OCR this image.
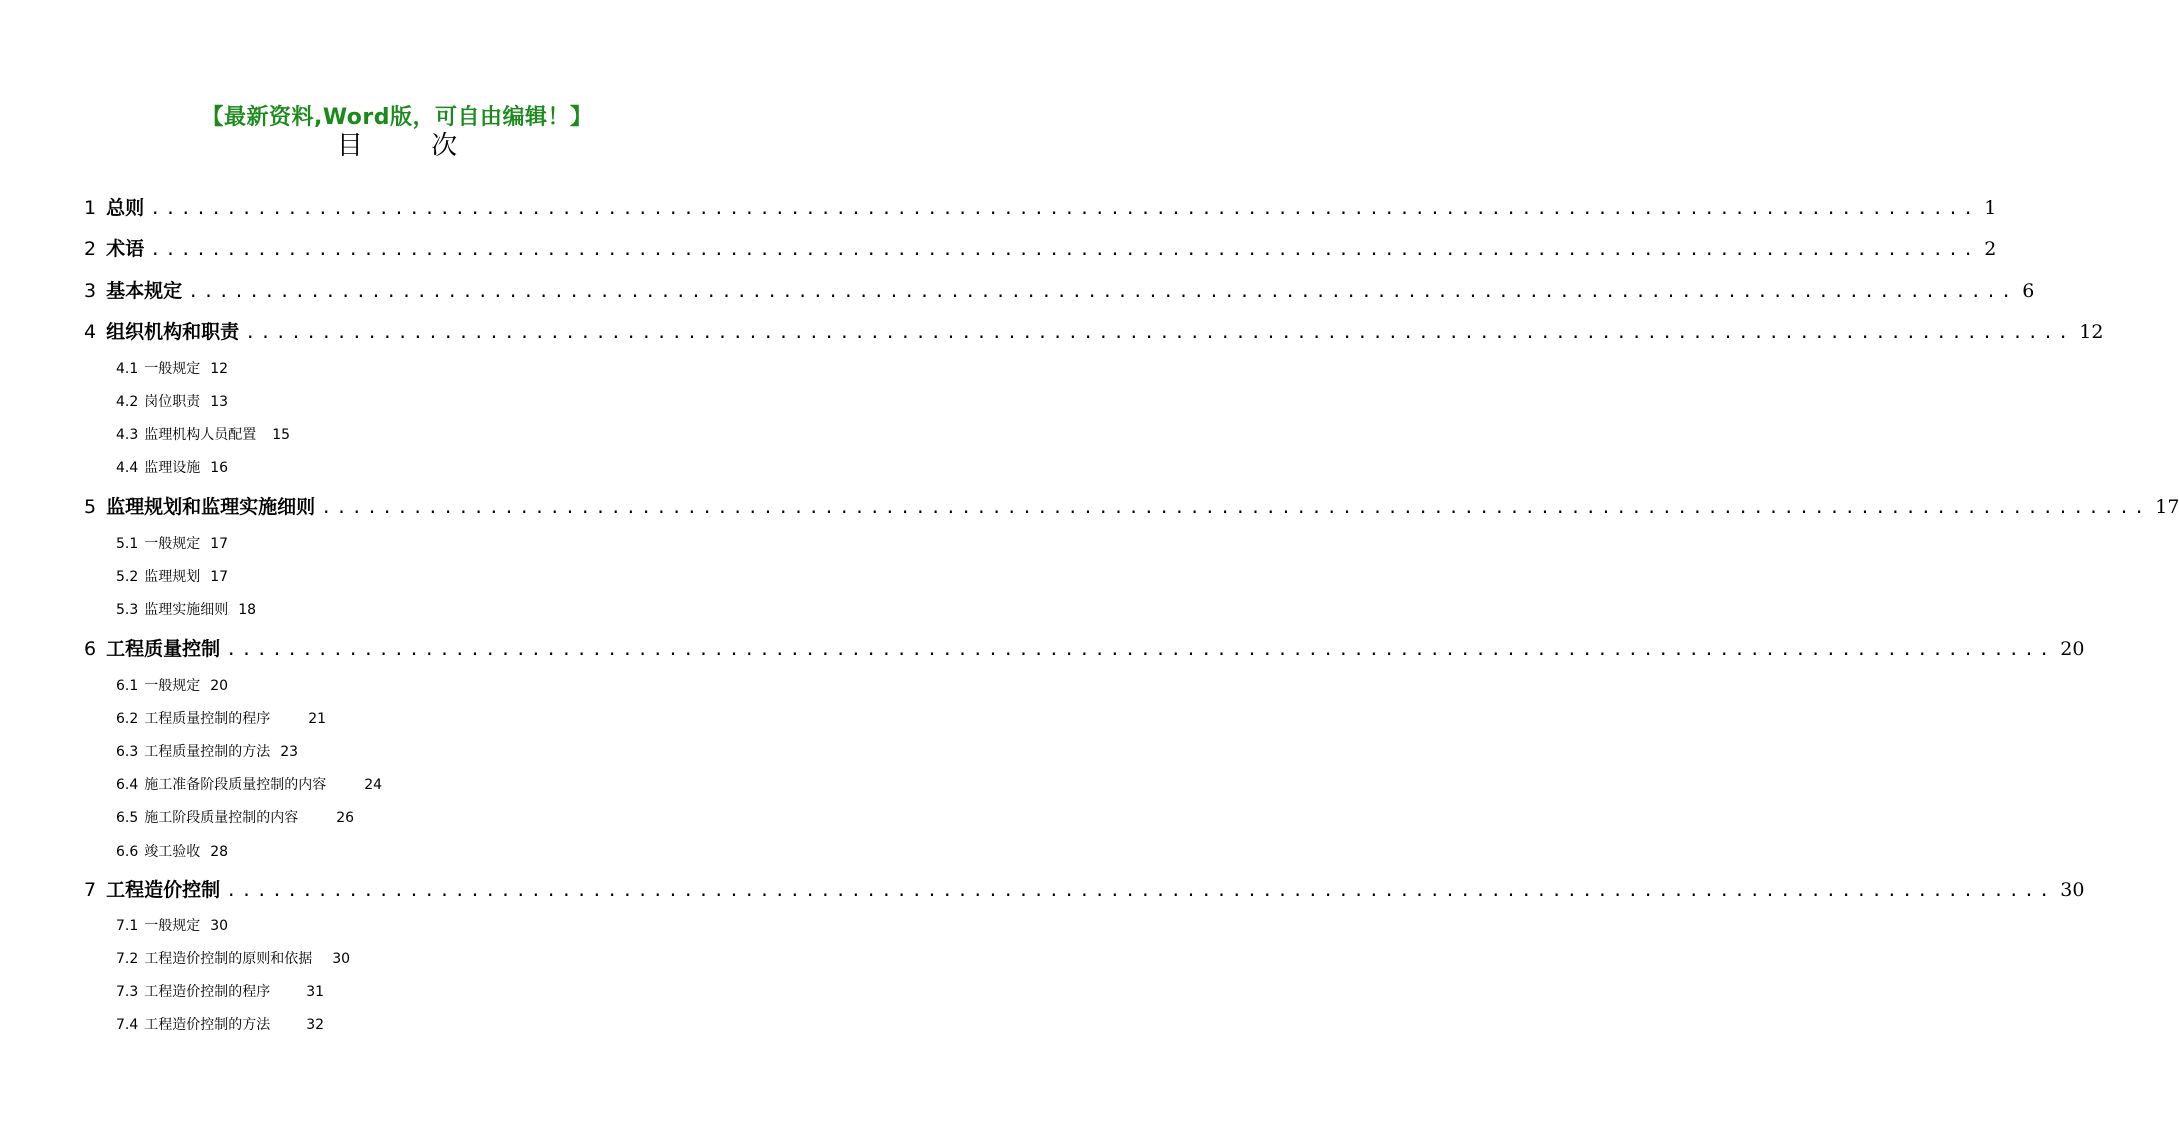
【最新资料,Word版，可自由编辑！】
目 次
1 总则 ........................................................................................................................ 1
2 术语 ........................................................................................................................ 2
3 基本规定 ........................................................................................................................ 6
4 组织机构和职责 ........................................................................................................................ 12
4.1 一般规定 12
4.2 岗位职责 13
4.3 监理机构人员配置 15
4.4 监理设施 16
5 监理规划和监理实施细则 ........................................................................................................................ 17
5.1 一般规定 17
5.2 监理规划 17
5.3 监理实施细则 18
6 工程质量控制 ........................................................................................................................ 20
6.1 一般规定 20
6.2 工程质量控制的程序	21
6.3 工程质量控制的方法 23
6.4 施工准备阶段质量控制的内容	24
6.5 施工阶段质量控制的内容	26
6.6 竣工验收 28
7 工程造价控制 ........................................................................................................................ 30
7.1 一般规定 30
7.2 工程造价控制的原则和依据 30
7.3 工程造价控制的程序	31
7.4 工程造价控制的方法	32
